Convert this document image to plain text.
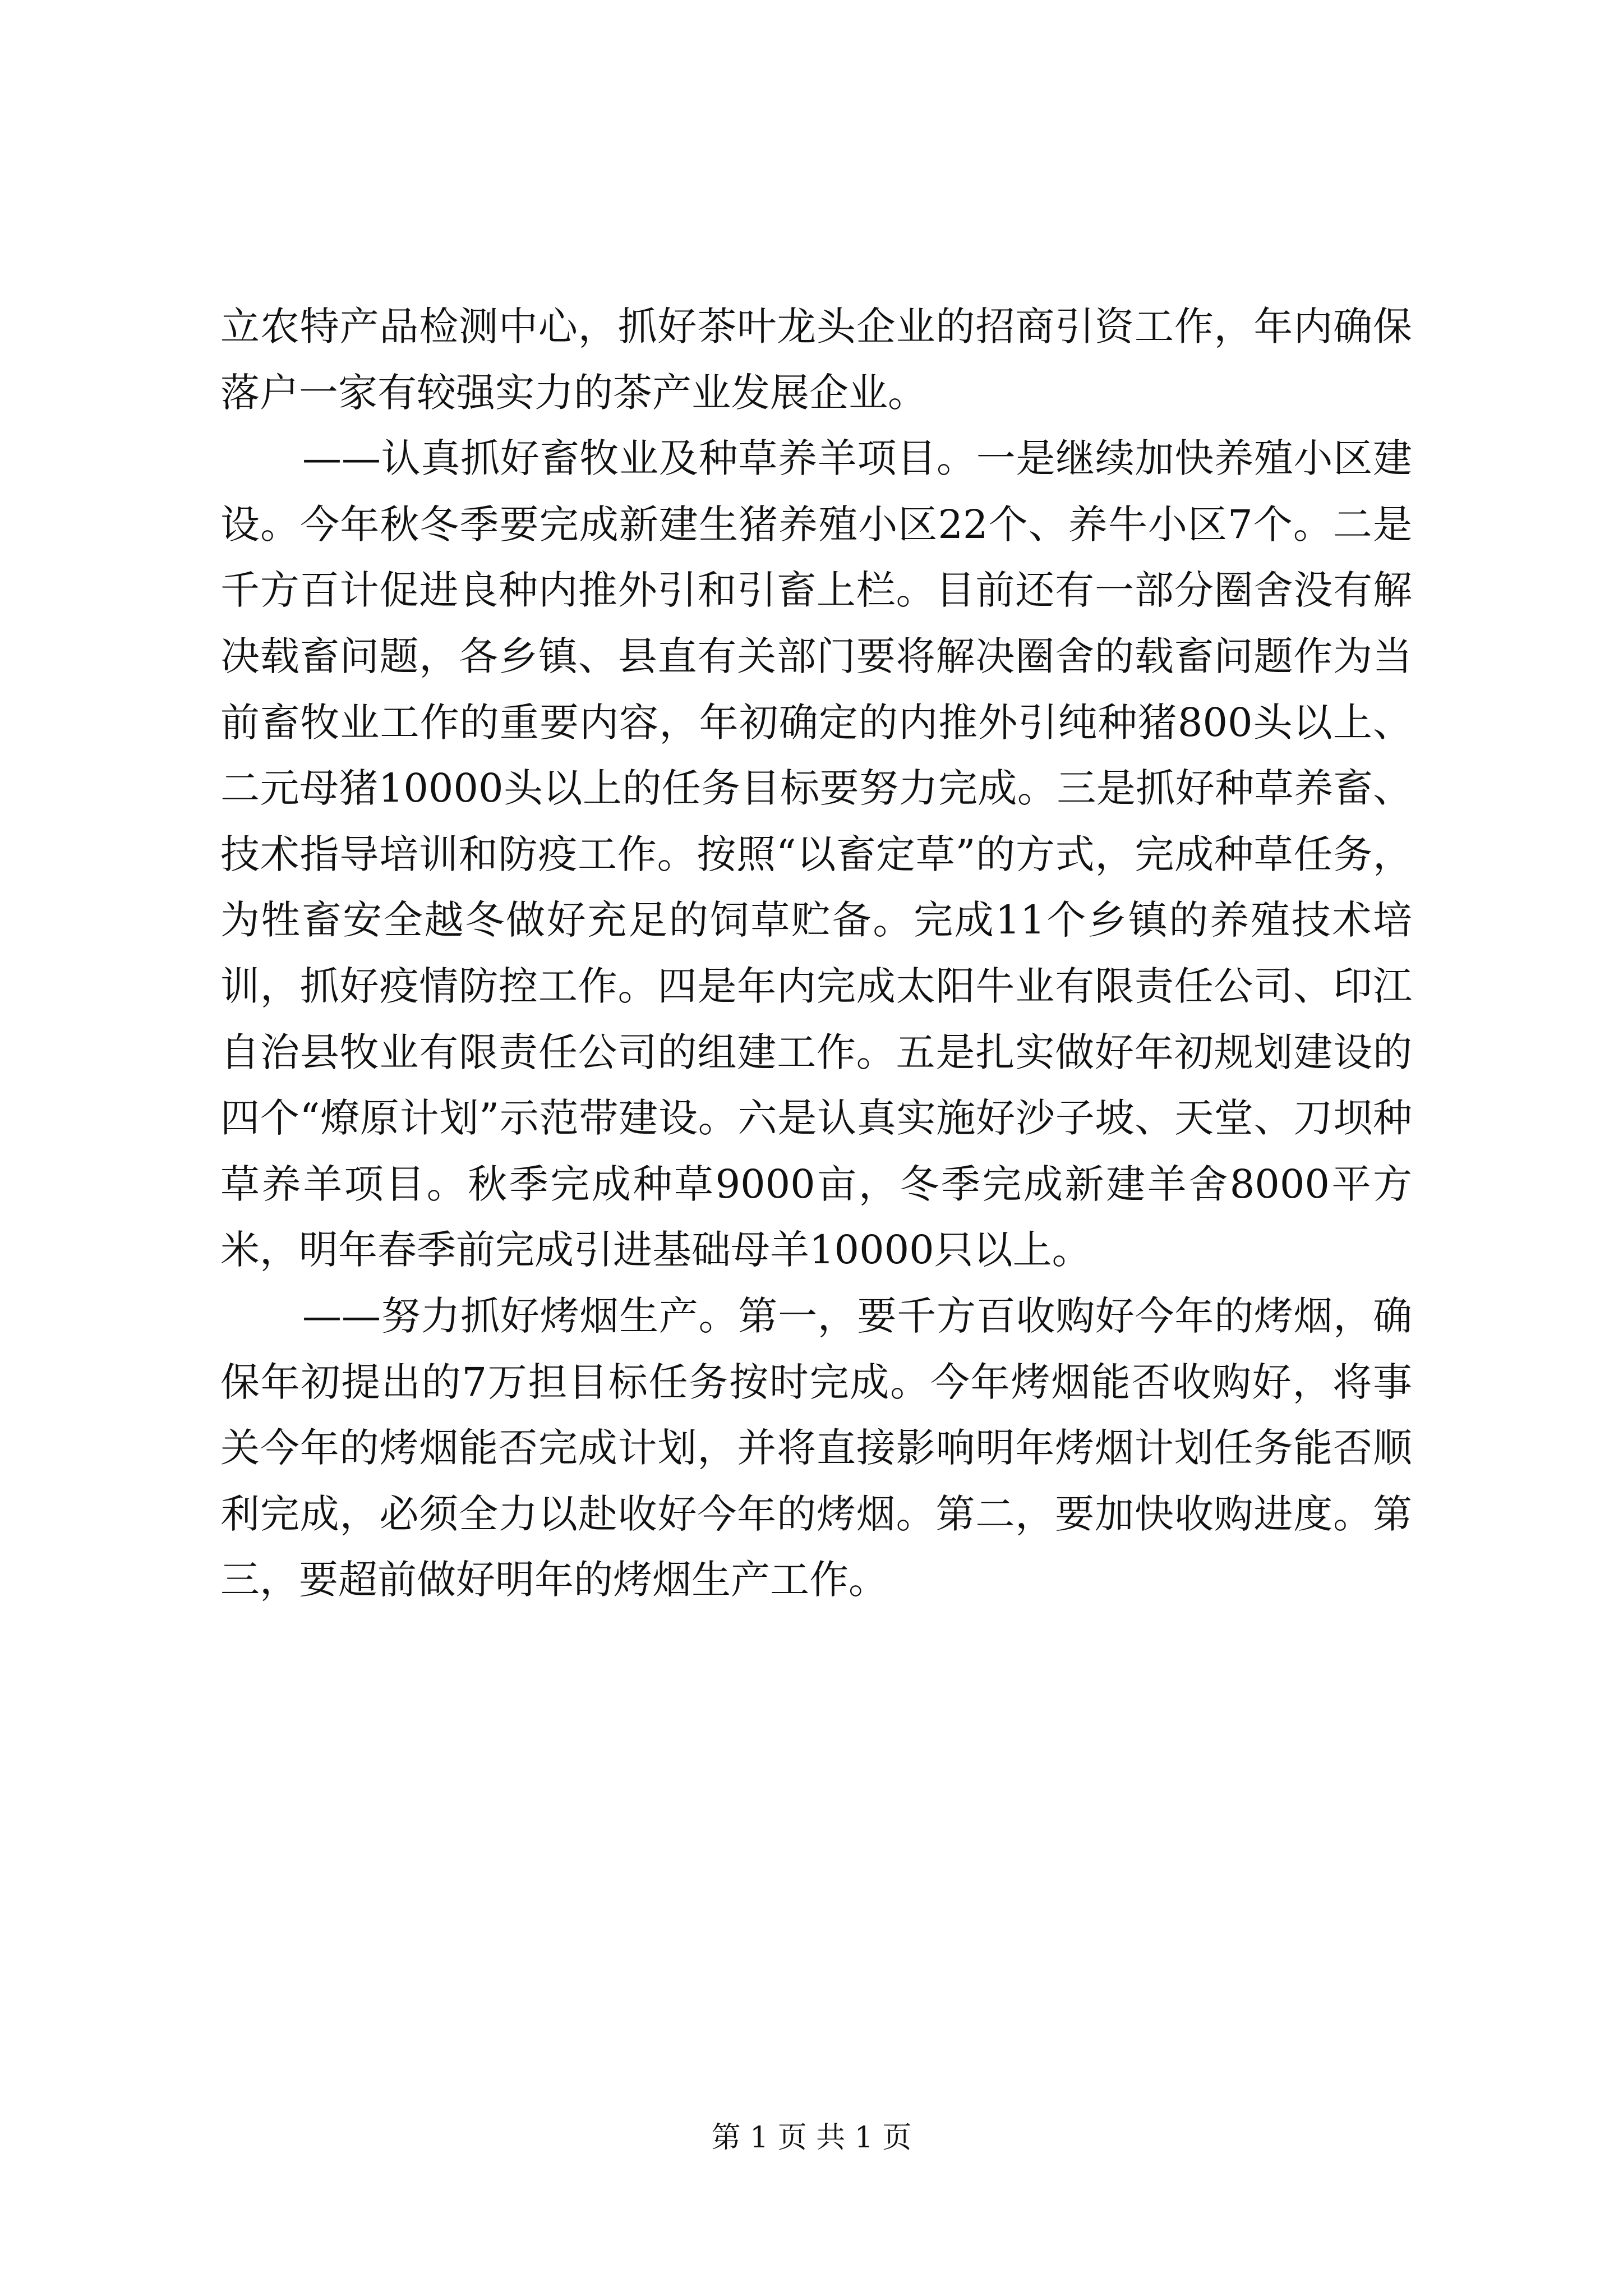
立农特产品检测中心，抓好茶叶龙头企业的招商引资工作，年内确保落户一家有较强实力的茶产业发展企业。

——认真抓好畜牧业及种草养羊项目。一是继续加快养殖小区建设。今年秋冬季要完成新建生猪养殖小区22个、养牛小区7个。二是千方百计促进良种内推外引和引畜上栏。目前还有一部分圈舍没有解决载畜问题，各乡镇、县直有关部门要将解决圈舍的载畜问题作为当前畜牧业工作的重要内容，年初确定的内推外引纯种猪800头以上、二元母猪10000头以上的任务目标要努力完成。三是抓好种草养畜、技术指导培训和防疫工作。按照“以畜定草”的方式，完成种草任务，为牲畜安全越冬做好充足的饲草贮备。完成11个乡镇的养殖技术培训，抓好疫情防控工作。四是年内完成太阳牛业有限责任公司、印江自治县牧业有限责任公司的组建工作。五是扎实做好年初规划建设的四个“燎原计划”示范带建设。六是认真实施好沙子坡、天堂、刀坝种草养羊项目。秋季完成种草9000亩，冬季完成新建羊舍8000平方米，明年春季前完成引进基础母羊10000只以上。

——努力抓好烤烟生产。第一，要千方百收购好今年的烤烟，确保年初提出的7万担目标任务按时完成。今年烤烟能否收购好，将事关今年的烤烟能否完成计划，并将直接影响明年烤烟计划任务能否顺利完成，必须全力以赴收好今年的烤烟。第二，要加快收购进度。第三，要超前做好明年的烤烟生产工作。

第 1 页 共 1 页
